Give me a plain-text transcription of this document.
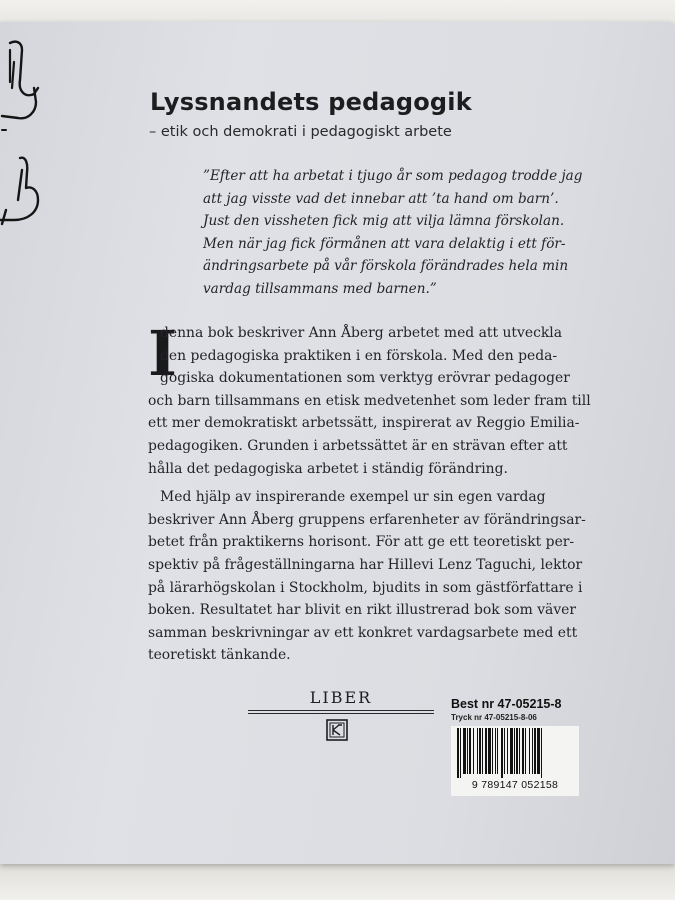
Lyssnandets pedagogik
– etik och demokrati i pedagogiskt arbete
”Efter att ha arbetat i tjugo år som pedagog trodde jag
att jag visste vad det innebar att ’ta hand om barn’.
Just den vissheten fick mig att vilja lämna förskolan.
Men när jag fick förmånen att vara delaktig i ett för-
ändringsarbete på vår förskola förändrades hela min
vardag tillsammans med barnen.”
I
denna bok beskriver Ann Åberg arbetet med att utveckla
den pedagogiska praktiken i en förskola. Med den peda-
gogiska dokumentationen som verktyg erövrar pedagoger
och barn tillsammans en etisk medvetenhet som leder fram till
ett mer demokratiskt arbetssätt, inspirerat av Reggio Emilia-
pedagogiken. Grunden i arbetssättet är en strävan efter att
hålla det pedagogiska arbetet i ständig förändring.
Med hjälp av inspirerande exempel ur sin egen vardag
beskriver Ann Åberg gruppens erfarenheter av förändringsar-
betet från praktikerns horisont. För att ge ett teoretiskt per-
spektiv på frågeställningarna har Hillevi Lenz Taguchi, lektor
på lärarhögskolan i Stockholm, bjudits in som gästförfattare i
boken. Resultatet har blivit en rikt illustrerad bok som väver
samman beskrivningar av ett konkret vardagsarbete med ett
teoretiskt tänkande.
LIBER	Best nr 47-05215-8
Tryck nr 47-05215-8-06
9 789147 052158
